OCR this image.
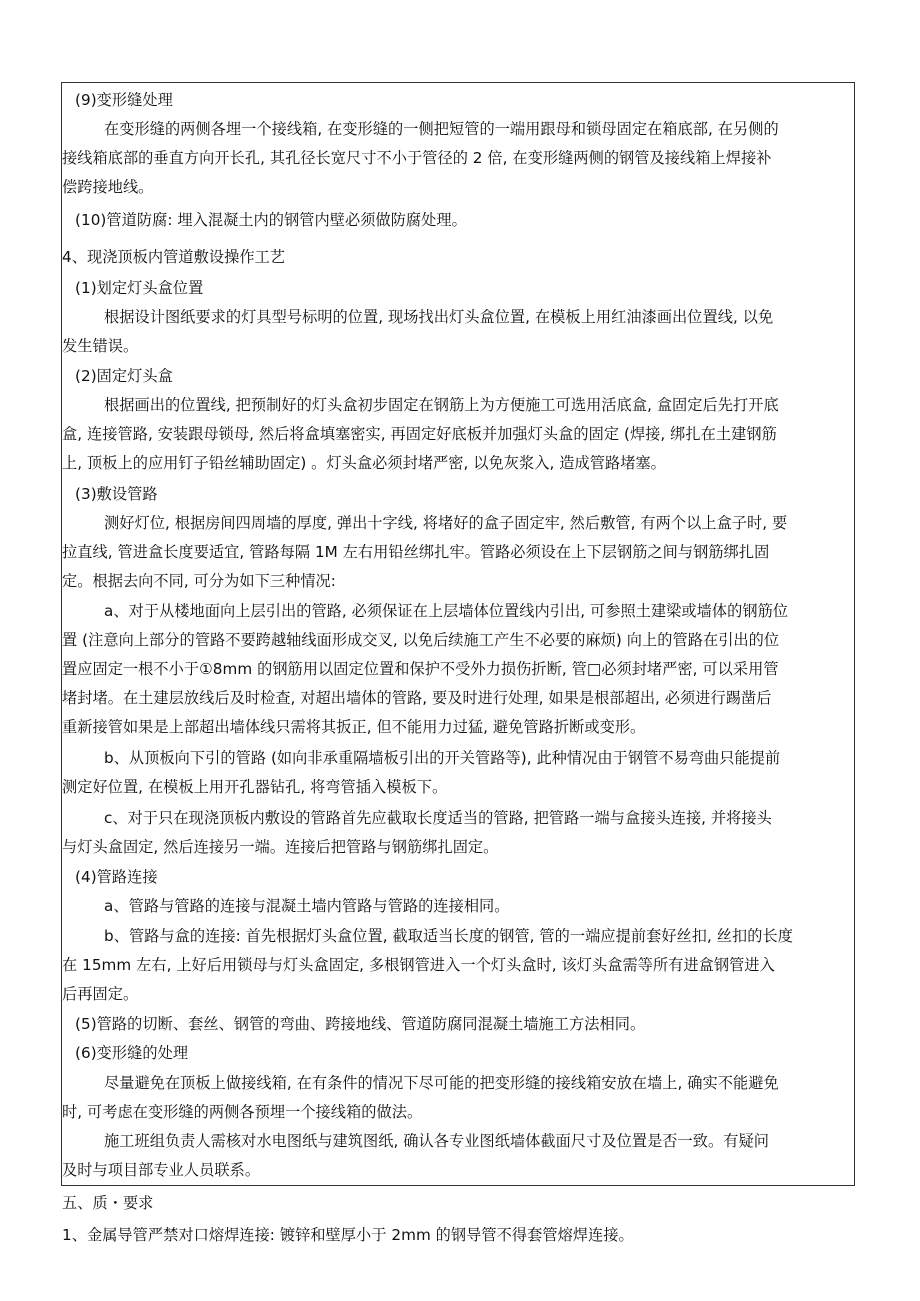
(9)变形缝处理
在变形缝的两侧各埋一个接线箱, 在变形缝的一侧把短管的一端用跟母和锁母固定在箱底部, 在另侧的
接线箱底部的垂直方向开长孔, 其孔径长宽尺寸不小于管径的 2 倍, 在变形缝两侧的钢管及接线箱上焊接补
偿跨接地线。
(10)管道防腐: 埋入混凝土内的钢管内壁必须做防腐处理。
4、现浇顶板内管道敷设操作工艺
(1)划定灯头盒位置
根据设计图纸要求的灯具型号标明的位置, 现场找出灯头盒位置, 在模板上用红油漆画出位置线, 以免
发生错误。
(2)固定灯头盒
根据画出的位置线, 把预制好的灯头盒初步固定在钢筋上为方便施工可选用活底盒, 盒固定后先打开底
盒, 连接管路, 安装跟母锁母, 然后将盒填塞密实, 再固定好底板并加强灯头盒的固定 (焊接, 绑扎在土建钢筋
上, 顶板上的应用钉子铅丝辅助固定) 。灯头盒必须封堵严密, 以免灰浆入, 造成管路堵塞。
(3)敷设管路
测好灯位, 根据房间四周墙的厚度, 弹出十字线, 将堵好的盒子固定牢, 然后敷管, 有两个以上盒子时, 要
拉直线, 管进盒长度要适宜, 管路每隔 1M 左右用铅丝绑扎牢。管路必须设在上下层钢筋之间与钢筋绑扎固
定。根据去向不同, 可分为如下三种情况:
a、对于从楼地面向上层引出的管路, 必须保证在上层墙体位置线内引出, 可参照土建梁或墙体的钢筋位
置 (注意向上部分的管路不要跨越轴线面形成交叉, 以免后续施工产生不必要的麻烦) 向上的管路在引出的位
置应固定一根不小于①8mm 的钢筋用以固定位置和保护不受外力损伤折断, 管□必须封堵严密, 可以采用管
堵封堵。在土建层放线后及时检查, 对超出墙体的管路, 要及时进行处理, 如果是根部超出, 必须进行踢凿后
重新接管如果是上部超出墙体线只需将其扳正, 但不能用力过猛, 避免管路折断或变形。
b、从顶板向下引的管路 (如向非承重隔墙板引出的开关管路等), 此种情况由于钢管不易弯曲只能提前
测定好位置, 在模板上用开孔器钻孔, 将弯管插入模板下。
c、对于只在现浇顶板内敷设的管路首先应截取长度适当的管路, 把管路一端与盒接头连接, 并将接头
与灯头盒固定, 然后连接另一端。连接后把管路与钢筋绑扎固定。
(4)管路连接
a、管路与管路的连接与混凝土墙内管路与管路的连接相同。
b、管路与盒的连接: 首先根据灯头盒位置, 截取适当长度的钢管, 管的一端应提前套好丝扣, 丝扣的长度
在 15mm 左右, 上好后用锁母与灯头盒固定, 多根钢管进入一个灯头盒时, 该灯头盒需等所有进盒钢管进入
后再固定。
(5)管路的切断、套丝、钢管的弯曲、跨接地线、管道防腐同混凝土墙施工方法相同。
(6)变形缝的处理
尽量避免在顶板上做接线箱, 在有条件的情况下尽可能的把变形缝的接线箱安放在墙上, 确实不能避免
时, 可考虑在变形缝的两侧各预埋一个接线箱的做法。
施工班组负责人需核对水电图纸与建筑图纸, 确认各专业图纸墙体截面尺寸及位置是否一致。有疑问
及时与项目部专业人员联系。
五、质・要求
1、金属导管严禁对口熔焊连接: 镀锌和壁厚小于 2mm 的钢导管不得套管熔焊连接。
